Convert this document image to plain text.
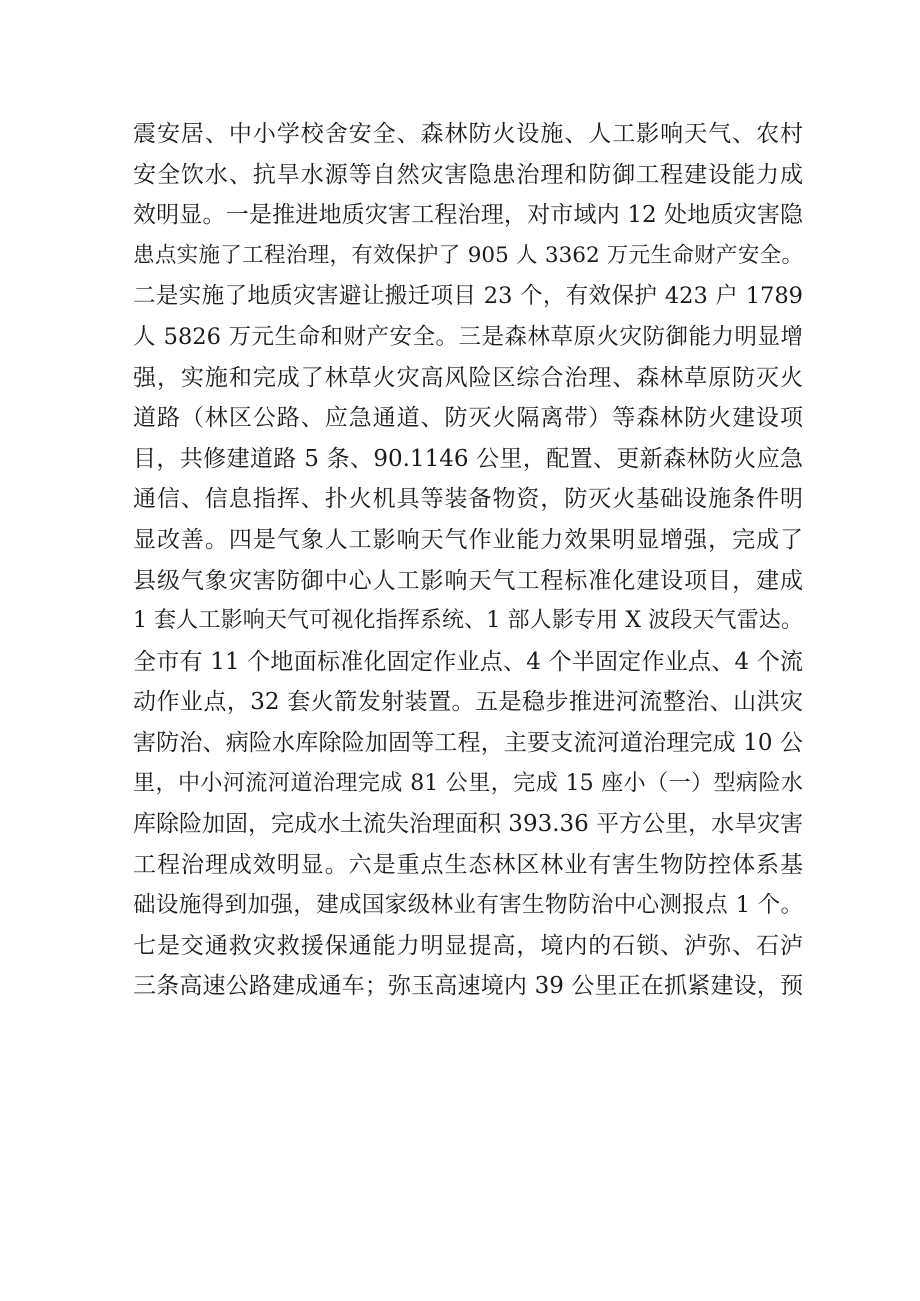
震安居、中小学校舍安全、森林防火设施、人工影响天气、农村
安全饮水、抗旱水源等自然灾害隐患治理和防御工程建设能力成
效明显。一是推进地质灾害工程治理，对市域内 12 处地质灾害隐
患点实施了工程治理，有效保护了 905 人 3362 万元生命财产安全。
二是实施了地质灾害避让搬迁项目 23 个，有效保护 423 户 1789
人 5826 万元生命和财产安全。三是森林草原火灾防御能力明显增
强，实施和完成了林草火灾高风险区综合治理、森林草原防灭火
道路（林区公路、应急通道、防灭火隔离带）等森林防火建设项
目，共修建道路 5 条、90.1146 公里，配置、更新森林防火应急
通信、信息指挥、扑火机具等装备物资，防灭火基础设施条件明
显改善。四是气象人工影响天气作业能力效果明显增强，完成了
县级气象灾害防御中心人工影响天气工程标准化建设项目，建成
1 套人工影响天气可视化指挥系统、1 部人影专用 X 波段天气雷达。
全市有 11 个地面标准化固定作业点、4 个半固定作业点、4 个流
动作业点，32 套火箭发射装置。五是稳步推进河流整治、山洪灾
害防治、病险水库除险加固等工程，主要支流河道治理完成 10 公
里，中小河流河道治理完成 81 公里，完成 15 座小（一）型病险水
库除险加固，完成水土流失治理面积 393.36 平方公里，水旱灾害
工程治理成效明显。六是重点生态林区林业有害生物防控体系基
础设施得到加强，建成国家级林业有害生物防治中心测报点 1 个。
七是交通救灾救援保通能力明显提高，境内的石锁、泸弥、石泸
三条高速公路建成通车；弥玉高速境内 39 公里正在抓紧建设，预
